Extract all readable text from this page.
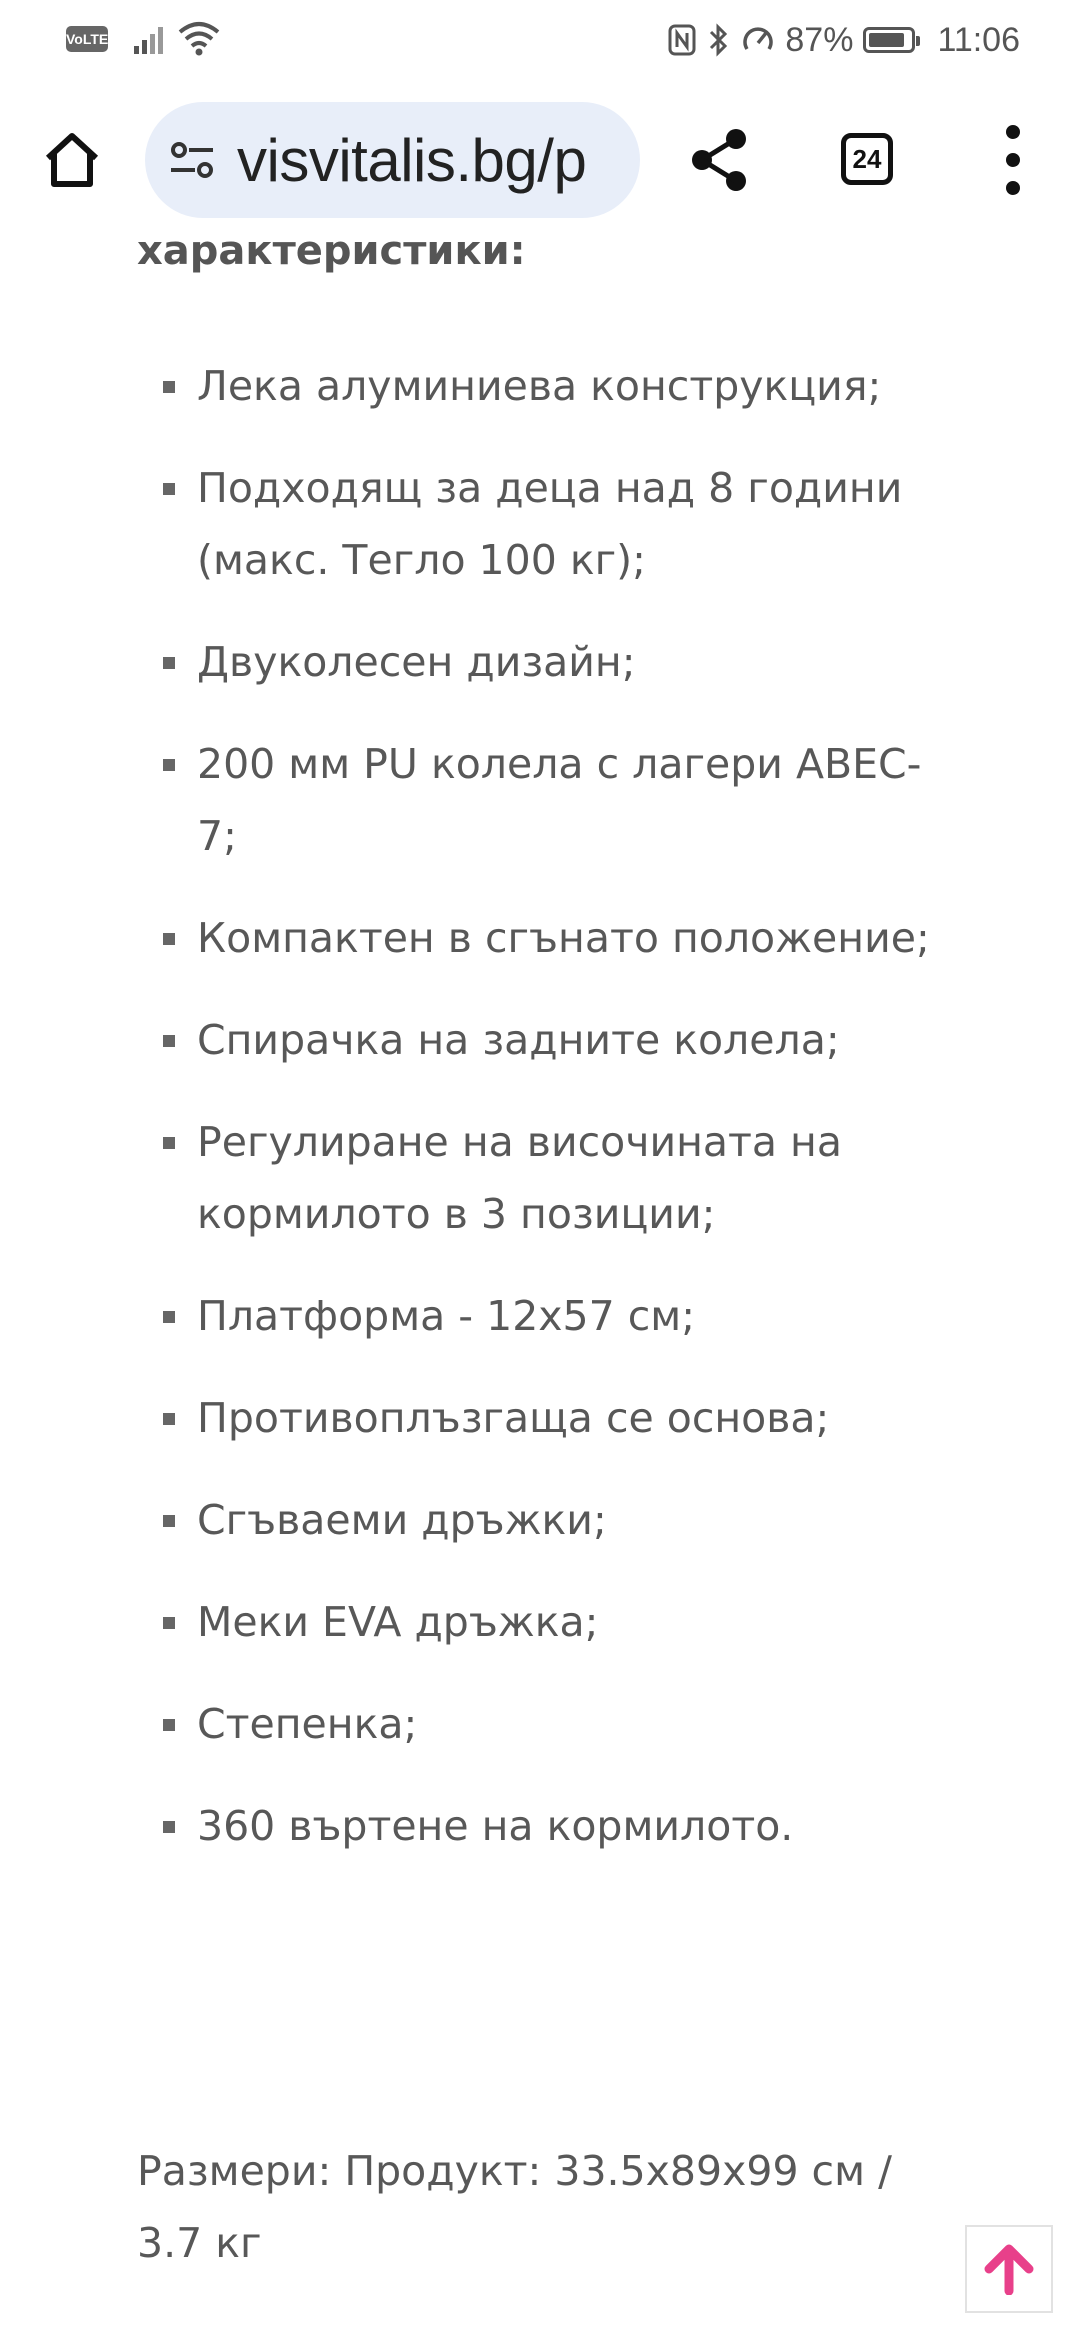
VoLTE	87% 11:06
visvitalis.bg/p	24
характеристики:
Лека алуминиева конструкция;
Подходящ за деца над 8 години (макс. Тегло 100 кг);
Двуколесен дизайн;
200 мм PU колела с лагери ABEC-7;
Компактен в сгънато положение;
Спирачка на задните колела;
Регулиране на височината на кормилото в 3 позиции;
Платформа - 12х57 см;
Противоплъзгаща се основа;
Сгъваеми дръжки;
Меки EVA дръжка;
Степенка;
360 въртене на кормилото.
Размери: Продукт: 33.5х89х99 см / 3.7 кг
